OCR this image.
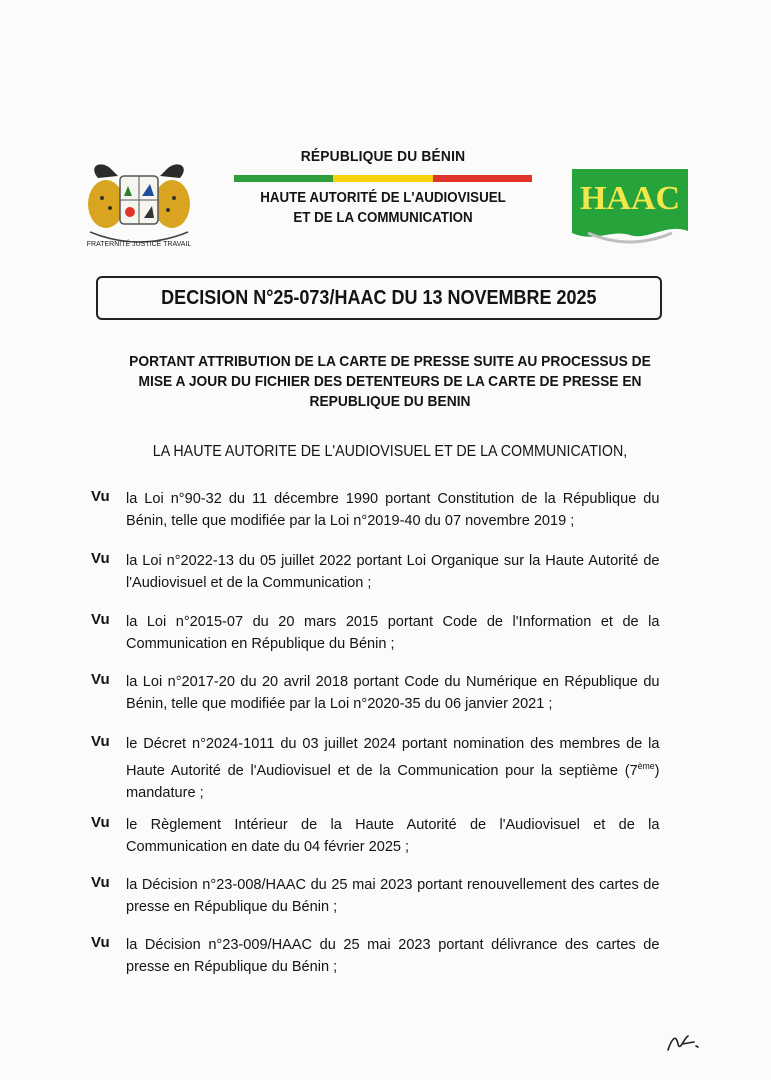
FRATERNITÉ JUSTICE TRAVAIL
RÉPUBLIQUE DU BÉNIN
HAUTE AUTORITÉ DE L'AUDIOVISUEL
ET DE LA COMMUNICATION
HAAC
DECISION N°25-073/HAAC DU 13 NOVEMBRE 2025
PORTANT ATTRIBUTION DE LA CARTE DE PRESSE SUITE AU PROCESSUS DE
MISE A JOUR DU FICHIER DES DETENTEURS DE LA CARTE DE PRESSE EN
REPUBLIQUE DU BENIN
LA HAUTE AUTORITE DE L'AUDIOVISUEL ET DE LA COMMUNICATION,
Vu la Loi n°90-32 du 11 décembre 1990 portant Constitution de la République du Bénin, telle que modifiée par la Loi n°2019-40 du 07 novembre 2019 ;
Vu la Loi n°2022-13 du 05 juillet 2022 portant Loi Organique sur la Haute Autorité de l'Audiovisuel et de la Communication ;
Vu la Loi n°2015-07 du 20 mars 2015 portant Code de l'Information et de la Communication en République du Bénin ;
Vu la Loi n°2017-20 du 20 avril 2018 portant Code du Numérique en République du Bénin, telle que modifiée par la Loi n°2020-35 du 06 janvier 2021 ;
Vu le Décret n°2024-1011 du 03 juillet 2024 portant nomination des membres de la Haute Autorité de l'Audiovisuel et de la Communication pour la septième (7ème) mandature ;
Vu le Règlement Intérieur de la Haute Autorité de l'Audiovisuel et de la Communication en date du 04 février 2025 ;
Vu la Décision n°23-008/HAAC du 25 mai 2023 portant renouvellement des cartes de presse en République du Bénin ;
Vu la Décision n°23-009/HAAC du 25 mai 2023 portant délivrance des cartes de presse en République du Bénin ;
